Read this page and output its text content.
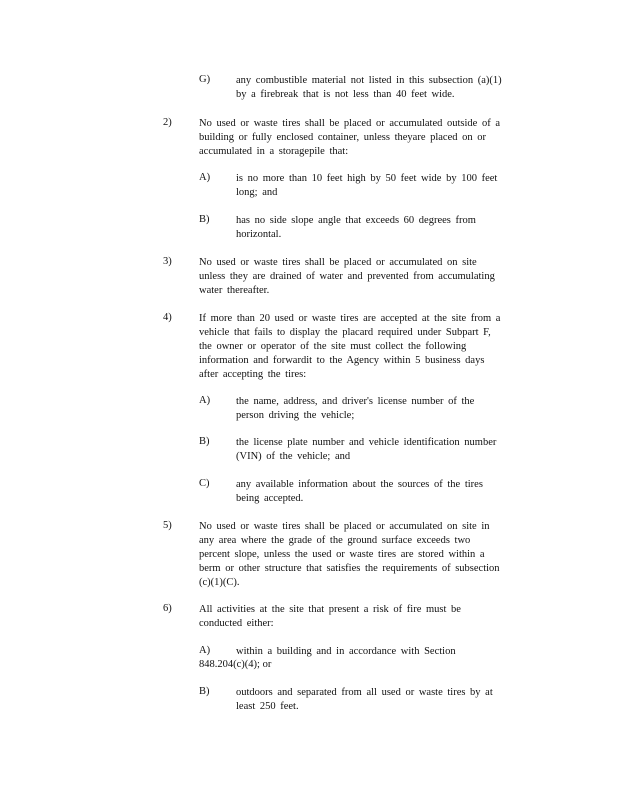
G) any combustible material not listed in this subsection (a)(1)
by a firebreak that is not less than 40 feet wide.
2)	No used or waste tires shall be placed or accumulated outside of a
building or fully enclosed container, unless theyare placed on or
accumulated in a storagepile that:
A) is no more than 10 feet high by 50 feet wide by 100 feet
long; and
B)	has no side slope angle that exceeds 60 degrees from
horizontal.
3)	No used or waste tires shall be placed or accumulated on site
unless they are drained of water and prevented from accumulating
water thereafter.
4)	If more than 20 used or waste tires are accepted at the site from a
vehicle that fails to display the placard required under Subpart F,
the owner or operator of the site must collect the following
information and forwardit to the Agency within 5 business days
after accepting the tires:
A) the name, address, and driver's license number of the
person driving the vehicle;
B)	the license plate number and vehicle identification number
(VIN) of the vehicle; and
C)	any available information about the sources of the tires
being accepted.
5)	No used or waste tires shall be placed or accumulated on site in
any area where the grade of the ground surface exceeds two
percent slope, unless the used or waste tires are stored within a
berm or other structure that satisfies the requirements of subsection
(c)(1)(C).
6)	All activities at the site that present a risk of fire must be
conducted either:
A) within a building and in accordance with Section
848.204(c)(4); or
B)	outdoors and separated from all used or waste tires by at
least 250 feet.
